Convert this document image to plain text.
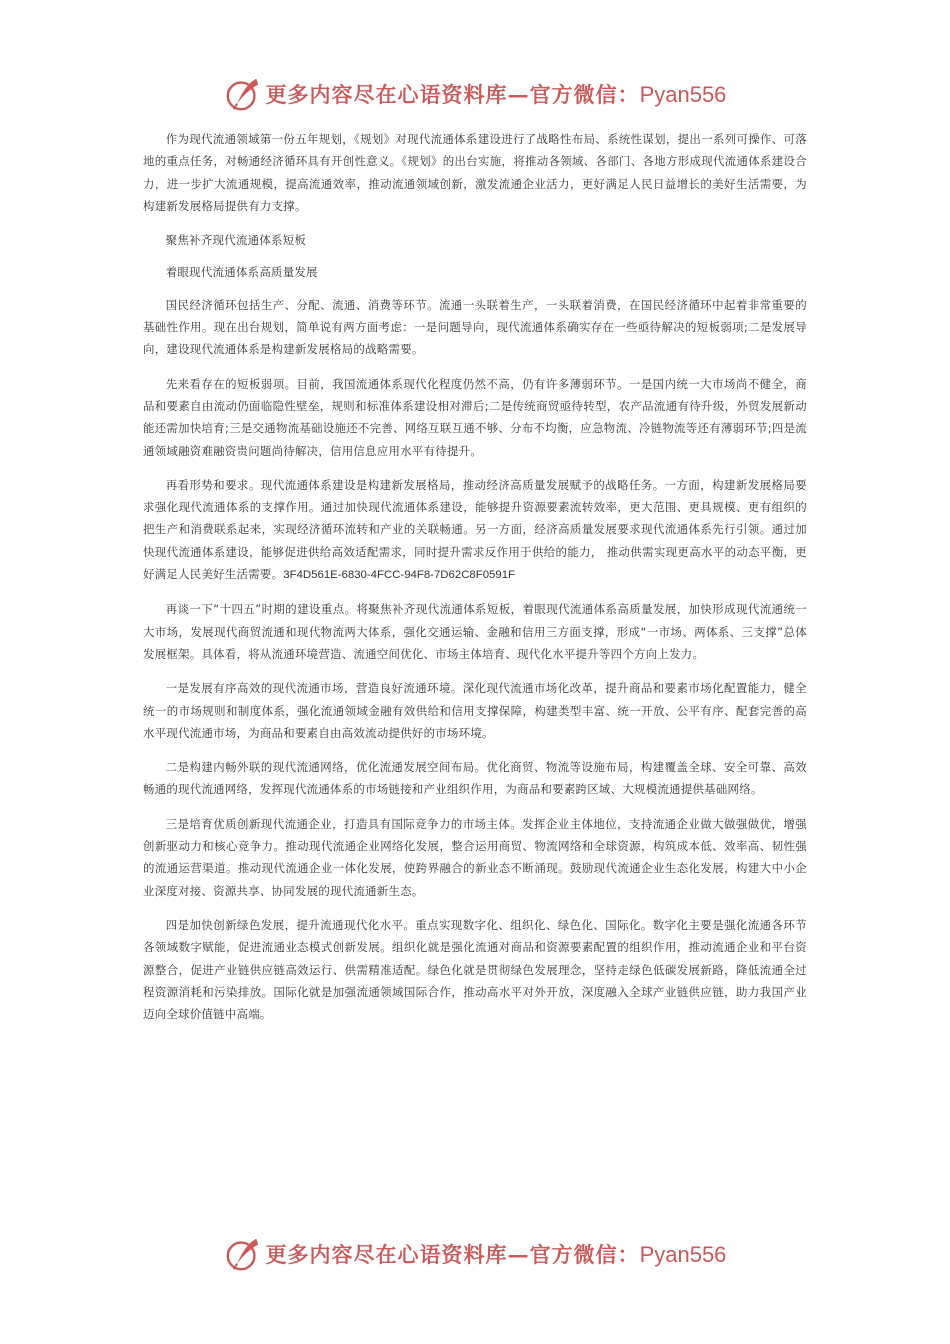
更多内容尽在心语资料库—官方微信：Pyan556

作为现代流通领域第一份五年规划，《规划》对现代流通体系建设进行了战略性布局、系统性谋划，提出一系列可操作、可落地的重点任务，对畅通经济循环具有开创性意义。《规划》的出台实施，将推动各领域、各部门、各地方形成现代流通体系建设合力，进一步扩大流通规模，提高流通效率，推动流通领域创新，激发流通企业活力，更好满足人民日益增长的美好生活需要，为构建新发展格局提供有力支撑。

聚焦补齐现代流通体系短板

着眼现代流通体系高质量发展

国民经济循环包括生产、分配、流通、消费等环节。流通一头联着生产，一头联着消费，在国民经济循环中起着非常重要的基础性作用。现在出台规划，简单说有两方面考虑：一是问题导向，现代流通体系确实存在一些亟待解决的短板弱项;二是发展导向，建设现代流通体系是构建新发展格局的战略需要。

先来看存在的短板弱项。目前，我国流通体系现代化程度仍然不高，仍有许多薄弱环节。一是国内统一大市场尚不健全，商品和要素自由流动仍面临隐性壁垒，规则和标准体系建设相对滞后;二是传统商贸亟待转型，农产品流通有待升级，外贸发展新动能还需加快培育;三是交通物流基础设施还不完善、网络互联互通不够、分布不均衡，应急物流、冷链物流等还有薄弱环节;四是流通领域融资难融资贵问题尚待解决，信用信息应用水平有待提升。

再看形势和要求。现代流通体系建设是构建新发展格局，推动经济高质量发展赋予的战略任务。一方面，构建新发展格局要求强化现代流通体系的支撑作用。通过加快现代流通体系建设，能够提升资源要素流转效率，更大范围、更具规模、更有组织的把生产和消费联系起来，实现经济循环流转和产业的关联畅通。另一方面，经济高质量发展要求现代流通体系先行引领。通过加快现代流通体系建设，能够促进供给高效适配需求，同时提升需求反作用于供给的能力， 推动供需实现更高水平的动态平衡，更好满足人民美好生活需要。3F4D561E-6830-4FCC-94F8-7D62C8F0591F

再谈一下“十四五”时期的建设重点。将聚焦补齐现代流通体系短板，着眼现代流通体系高质量发展，加快形成现代流通统一大市场，发展现代商贸流通和现代物流两大体系，强化交通运输、金融和信用三方面支撑，形成“一市场、两体系、三支撑”总体发展框架。具体看，将从流通环境营造、流通空间优化、市场主体培育、现代化水平提升等四个方向上发力。

一是发展有序高效的现代流通市场，营造良好流通环境。深化现代流通市场化改革，提升商品和要素市场化配置能力，健全统一的市场规则和制度体系，强化流通领域金融有效供给和信用支撑保障，构建类型丰富、统一开放、公平有序、配套完善的高水平现代流通市场，为商品和要素自由高效流动提供好的市场环境。

二是构建内畅外联的现代流通网络，优化流通发展空间布局。优化商贸、物流等设施布局，构建覆盖全球、安全可靠、高效畅通的现代流通网络，发挥现代流通体系的市场链接和产业组织作用，为商品和要素跨区域、大规模流通提供基础网络。

三是培育优质创新现代流通企业，打造具有国际竞争力的市场主体。发挥企业主体地位，支持流通企业做大做强做优，增强创新驱动力和核心竞争力。推动现代流通企业网络化发展，整合运用商贸、物流网络和全球资源，构筑成本低、效率高、韧性强的流通运营渠道。推动现代流通企业一体化发展，使跨界融合的新业态不断涌现。鼓励现代流通企业生态化发展，构建大中小企业深度对接、资源共享、协同发展的现代流通新生态。

四是加快创新绿色发展，提升流通现代化水平。重点实现数字化、组织化、绿色化、国际化。数字化主要是强化流通各环节各领域数字赋能，促进流通业态模式创新发展。组织化就是强化流通对商品和资源要素配置的组织作用，推动流通企业和平台资源整合，促进产业链供应链高效运行、供需精准适配。绿色化就是贯彻绿色发展理念，坚持走绿色低碳发展新路，降低流通全过程资源消耗和污染排放。国际化就是加强流通领域国际合作，推动高水平对外开放，深度融入全球产业链供应链，助力我国产业迈向全球价值链中高端。

更多内容尽在心语资料库—官方微信：Pyan556
